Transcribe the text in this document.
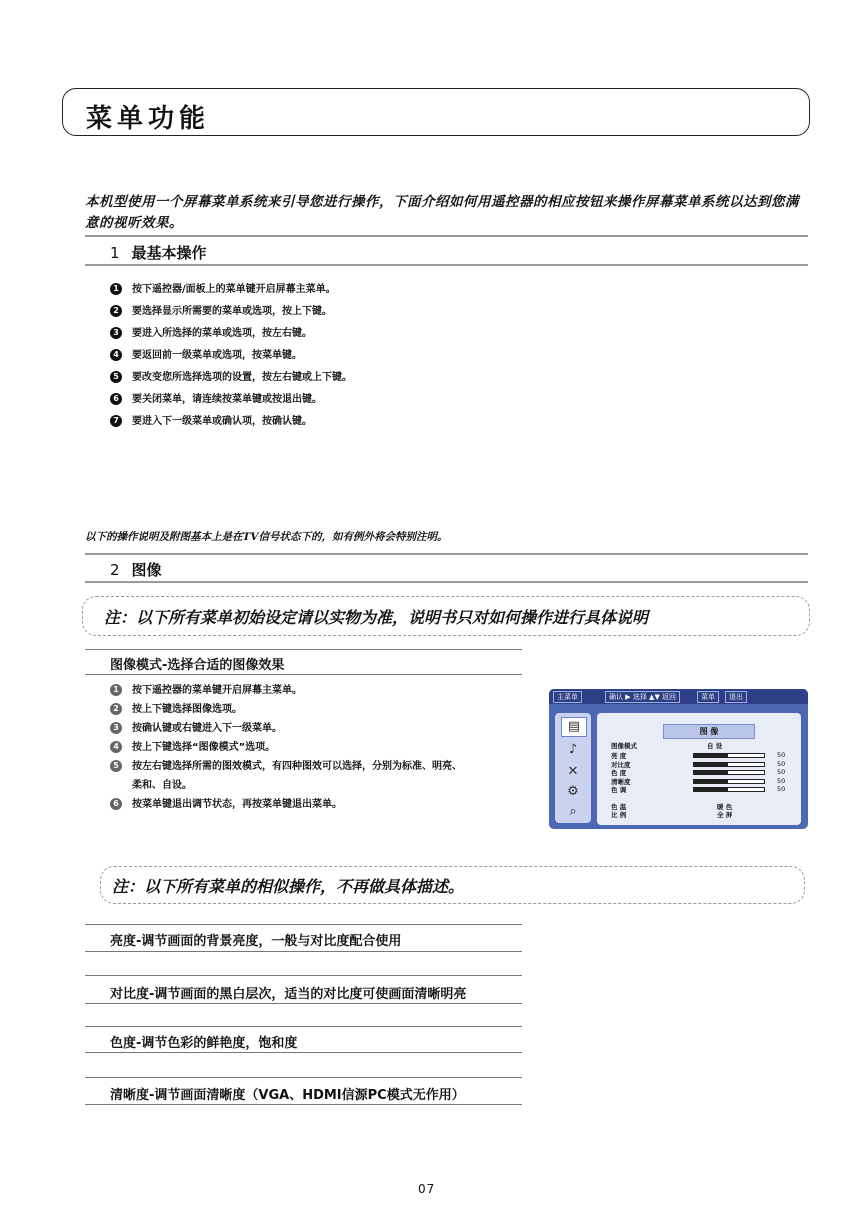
菜单功能
本机型使用一个屏幕菜单系统来引导您进行操作，下面介绍如何用遥控器的相应按钮来操作屏幕菜单系统以达到您满意的视听效果。
1 最基本操作
1 按下遥控器/面板上的菜单键开启屏幕主菜单。
2 要选择显示所需要的菜单或选项，按上下键。
3 要进入所选择的菜单或选项，按左右键。
4 要返回前一级菜单或选项，按菜单键。
5 要改变您所选择选项的设置，按左右键或上下键。
6 要关闭菜单，请连续按菜单键或按退出键。
7 要进入下一级菜单或确认项，按确认键。
以下的操作说明及附图基本上是在TV信号状态下的，如有例外将会特别注明。
2 图像
注：以下所有菜单初始设定请以实物为准，说明书只对如何操作进行具体说明
图像模式-选择合适的图像效果
1 按下遥控器的菜单键开启屏幕主菜单。
2 按上下键选择图像选项。
3 按确认键或右键进入下一级菜单。
4 按上下键选择“图像模式”选项。
5 按左右键选择所需的图效模式，有四种图效可以选择，分别为标准、明亮、
柔和、自设。
6 按菜单键退出调节状态，再按菜单键退出菜单。
主菜单	确认 ▶ 选择 ▲▼ 返回	菜单	退出
▤
♪
✕
⚙
⌕
图 像
图像模式	自 设
亮 度	50
对比度	50
色 度	50
清晰度	50
色 调	50
色 温	暖 色
比 例	全 屏
注：以下所有菜单的相似操作，不再做具体描述。
亮度-调节画面的背景亮度，一般与对比度配合使用
对比度-调节画面的黑白层次，适当的对比度可使画面清晰明亮
色度-调节色彩的鲜艳度，饱和度
清晰度-调节画面清晰度（VGA、HDMI信源PC模式无作用）
07
